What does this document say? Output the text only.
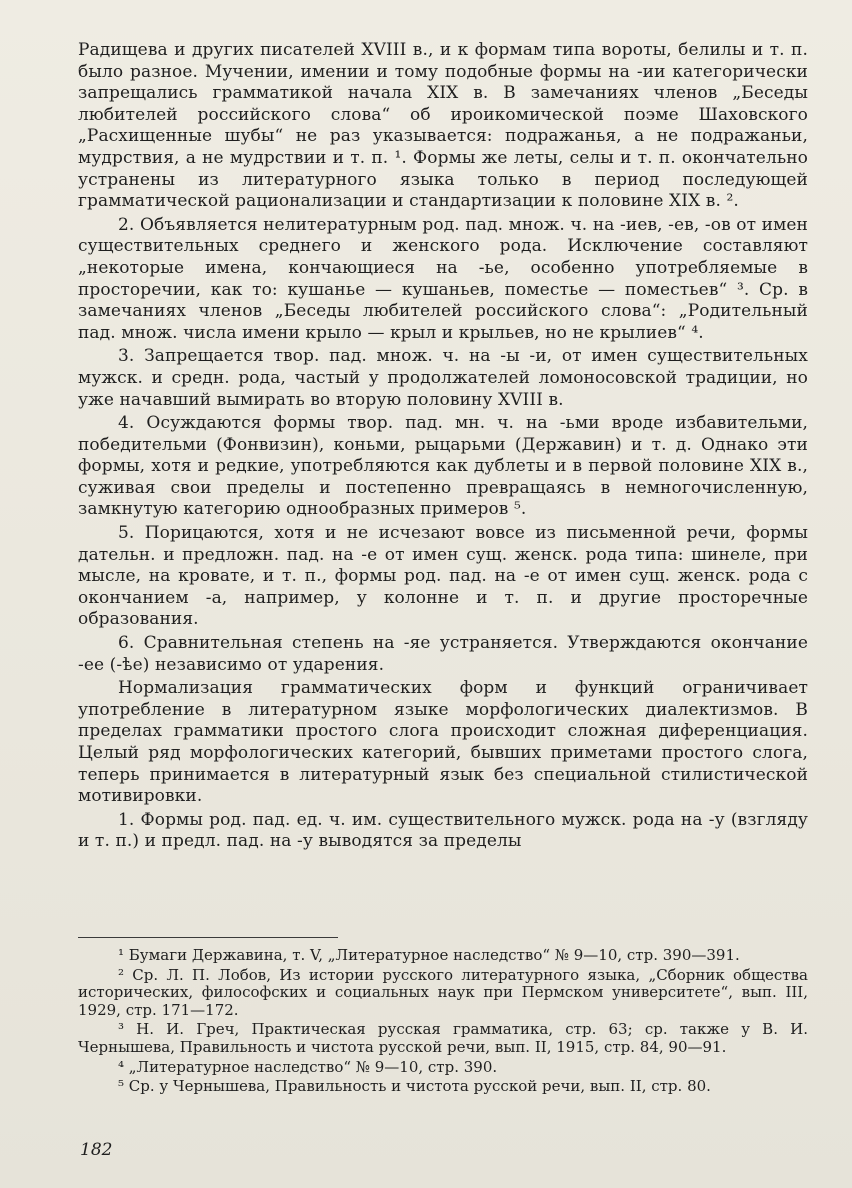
Радищева и других писателей XVIII в., и к формам типа вороты, белилы и т. п. было разное. Мучении, имении и тому подобные формы на -ии категорически запрещались грамматикой начала XIX в. В замечаниях членов „Беседы любителей российского слова“ об ироикомической поэме Шаховского „Расхищенные шубы“ не раз указывается: подражанья, а не подражаньи, мудрствия, а не мудрствии и т. п. ¹. Формы же леты, селы и т. п. окончательно устранены из литературного языка только в период последующей грамматической рационализации и стандартизации к половине XIX в. ².

2. Объявляется нелитературным род. пад. множ. ч. на -иев, -ев, -ов от имен существительных среднего и женского рода. Исключение составляют „некоторые имена, кончающиеся на -ье, особенно употребляемые в просторечии, как то: кушанье — кушаньев, поместье — поместьев“ ³. Ср. в замечаниях членов „Беседы любителей российского слова“: „Родительный пад. множ. числа имени крыло — крыл и крыльев, но не крылиев“ ⁴.

3. Запрещается твор. пад. множ. ч. на -ы -и, от имен существительных мужск. и средн. рода, частый у продолжателей ломоносовской традиции, но уже начавший вымирать во вторую половину XVIII в.

4. Осуждаются формы твор. пад. мн. ч. на -ьми вроде избавительми, победительми (Фонвизин), коньми, рыцарьми (Державин) и т. д. Однако эти формы, хотя и редкие, употребляются как дублеты и в первой половине XIX в., суживая свои пределы и постепенно превращаясь в немногочисленную, замкнутую категорию однообразных примеров ⁵.

5. Порицаются, хотя и не исчезают вовсе из письменной речи, формы дательн. и предложн. пад. на -е от имен сущ. женск. рода типа: шинеле, при мысле, на кровате, и т. п., формы род. пад. на -е от имен сущ. женск. рода с окончанием -а, например, у колонне и т. п. и другие просторечные образования.

6. Сравнительная степень на -яе устраняется. Утверждаются окончание -ее (-ѣе) независимо от ударения.

Нормализация грамматических форм и функций ограничивает употребление в литературном языке морфологических диалектизмов. В пределах грамматики простого слога происходит сложная диференциация. Целый ряд морфологических категорий, бывших приметами простого слога, теперь принимается в литературный язык без специальной стилистической мотивировки.

1. Формы род. пад. ед. ч. им. существительного мужск. рода на -у (взгляду и т. п.) и предл. пад. на -у выводятся за пределы

¹ Бумаги Державина, т. V, „Литературное наследство“ № 9—10, стр. 390—391.

² Ср. Л. П. Лобов, Из истории русского литературного языка, „Сборник общества исторических, философских и социальных наук при Пермском университете“, вып. III, 1929, стр. 171—172.

³ Н. И. Греч, Практическая русская грамматика, стр. 63; ср. также у В. И. Чернышева, Правильность и чистота русской речи, вып. II, 1915, стр. 84, 90—91.

⁴ „Литературное наследство“ № 9—10, стр. 390.

⁵ Ср. у Чернышева, Правильность и чистота русской речи, вып. II, стр. 80.

182
